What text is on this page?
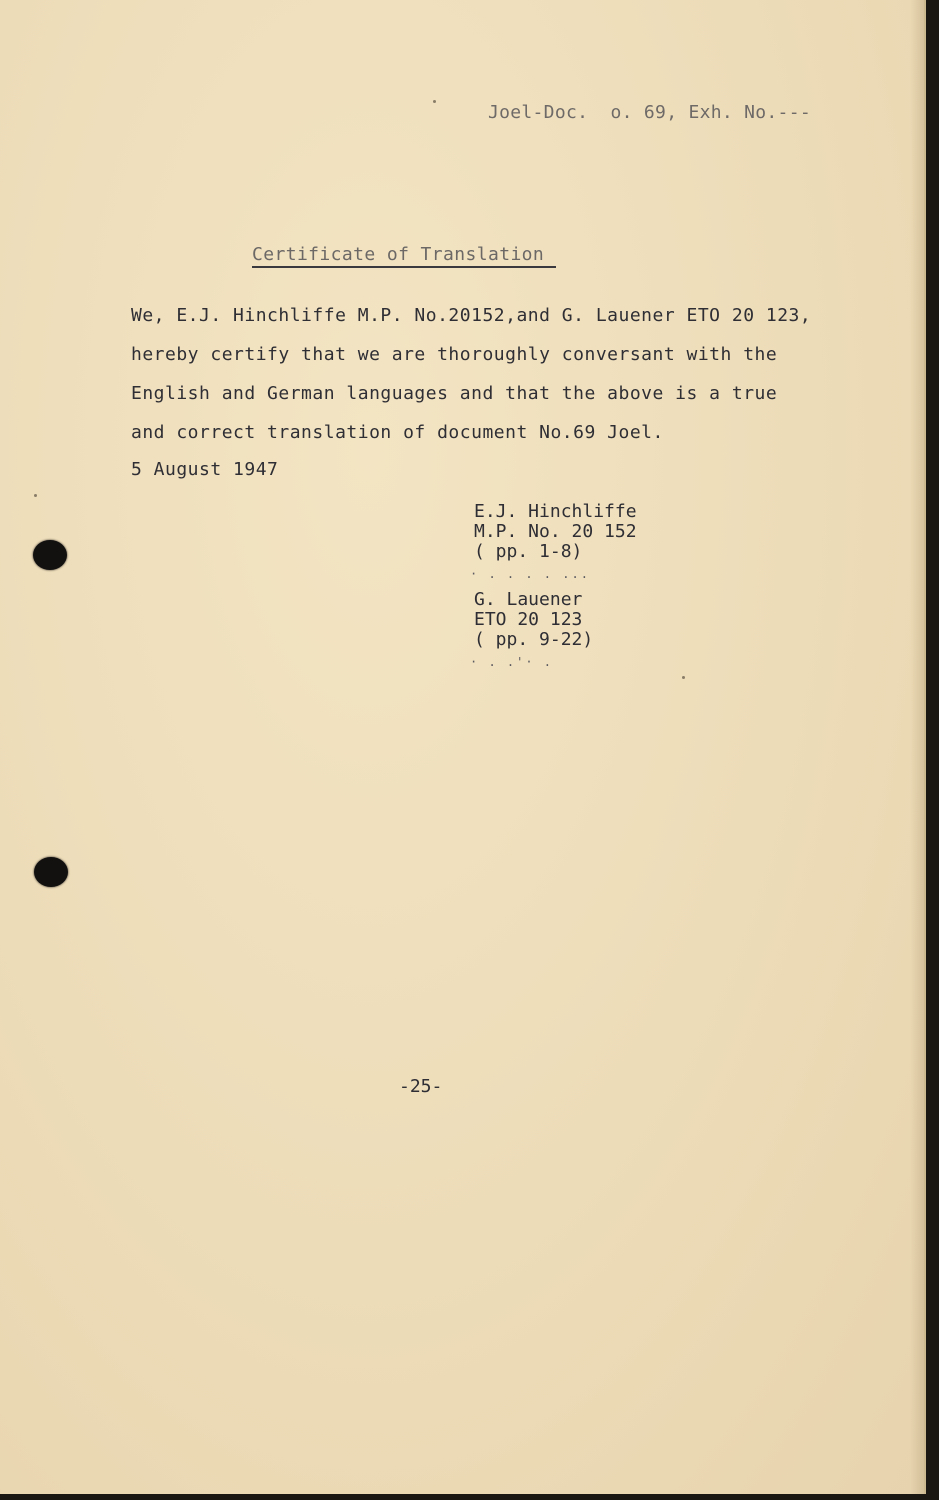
Joel-Doc.  o. 69, Exh. No.---
Certificate of Translation
We, E.J. Hinchliffe M.P. No.20152,and G. Lauener ETO 20 123,
hereby certify that we are thoroughly conversant with the
English and German languages and that the above is a true
and correct translation of document No.69 Joel.
5 August 1947
E.J. Hinchliffe
M.P. No. 20 152
( pp. 1-8)
· . . . . ...
G. Lauener
ETO 20 123
( pp. 9-22)
· . .'· .
-25-
